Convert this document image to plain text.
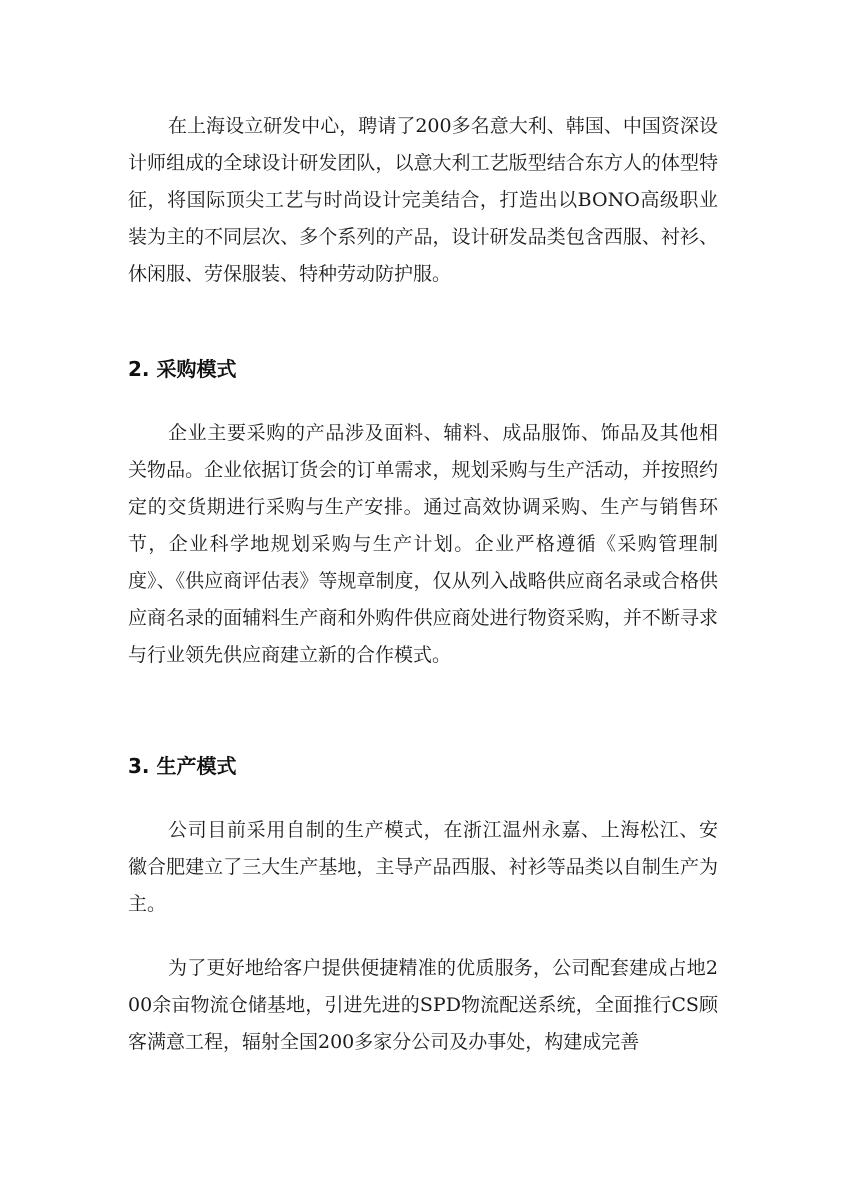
在上海设立研发中心，聘请了200多名意大利、韩国、中国资深设计师组成的全球设计研发团队，以意大利工艺版型结合东方人的体型特征，将国际顶尖工艺与时尚设计完美结合，打造出以BONO高级职业装为主的不同层次、多个系列的产品，设计研发品类包含西服、衬衫、休闲服、劳保服装、特种劳动防护服。

2. 采购模式

企业主要采购的产品涉及面料、辅料、成品服饰、饰品及其他相关物品。企业依据订货会的订单需求，规划采购与生产活动，并按照约定的交货期进行采购与生产安排。通过高效协调采购、生产与销售环节，企业科学地规划采购与生产计划。企业严格遵循《采购管理制度》、《供应商评估表》等规章制度，仅从列入战略供应商名录或合格供应商名录的面辅料生产商和外购件供应商处进行物资采购，并不断寻求与行业领先供应商建立新的合作模式。

3. 生产模式

公司目前采用自制的生产模式，在浙江温州永嘉、上海松江、安徽合肥建立了三大生产基地，主导产品西服、衬衫等品类以自制生产为主。

为了更好地给客户提供便捷精准的优质服务，公司配套建成占地200余亩物流仓储基地，引进先进的SPD物流配送系统，全面推行CS顾客满意工程，辐射全国200多家分公司及办事处，构建成完善
